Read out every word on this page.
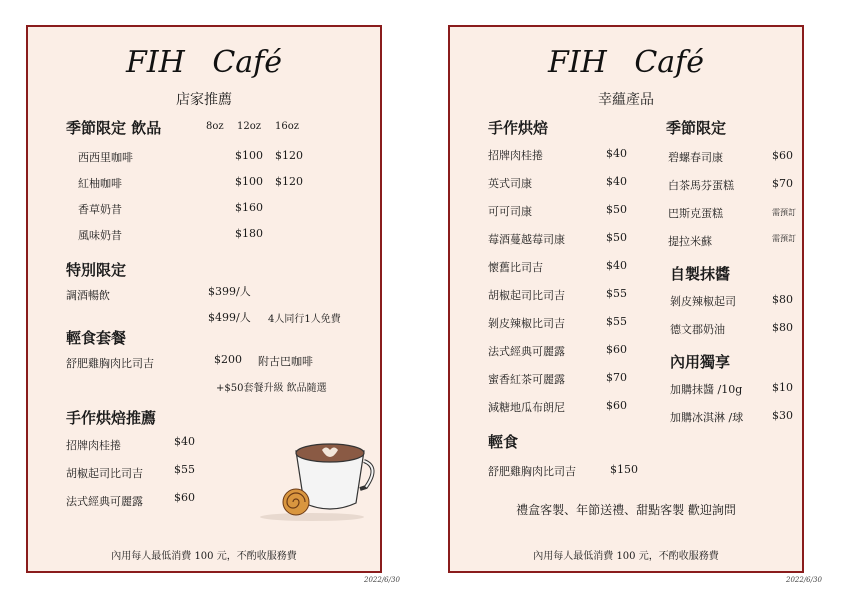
FIH Café
店家推薦
季節限定 飲品	8oz 12oz 16oz
西西里咖啡	$100 $120
紅柚咖啡	$100 $120
香草奶昔	$160
風味奶昔	$180
特別限定
調酒暢飲	$399/人
$499/人 4人同行1人免費
輕食套餐
舒肥雞胸肉比司吉	$200 附古巴咖啡
+$50套餐升級 飲品隨選
手作烘焙推薦
招牌肉桂捲	$40
胡椒起司比司吉	$55
法式經典可麗露	$60
內用每人最低消費 100 元，不酌收服務費
2022/6/30
FIH Café
幸蘊產品
手作烘焙
招牌肉桂捲	$40
英式司康	$40
可可司康	$50
莓酒蔓越莓司康	$50
懷舊比司吉	$40
胡椒起司比司吉	$55
剝皮辣椒比司吉	$55
法式經典可麗露	$60
蜜香紅茶可麗露	$70
減糖地瓜布朗尼	$60
季節限定
碧螺春司康	$60
白茶馬芬蛋糕	$70
巴斯克蛋糕	需預訂
提拉米蘇	需預訂
自製抹醬
剝皮辣椒起司	$80
德文郡奶油	$80
內用獨享
加購抹醬 /10g	$10
加購冰淇淋 /球	$30
輕食
舒肥雞胸肉比司吉	$150
禮盒客製、年節送禮、甜點客製 歡迎詢問
內用每人最低消費 100 元，不酌收服務費
2022/6/30
